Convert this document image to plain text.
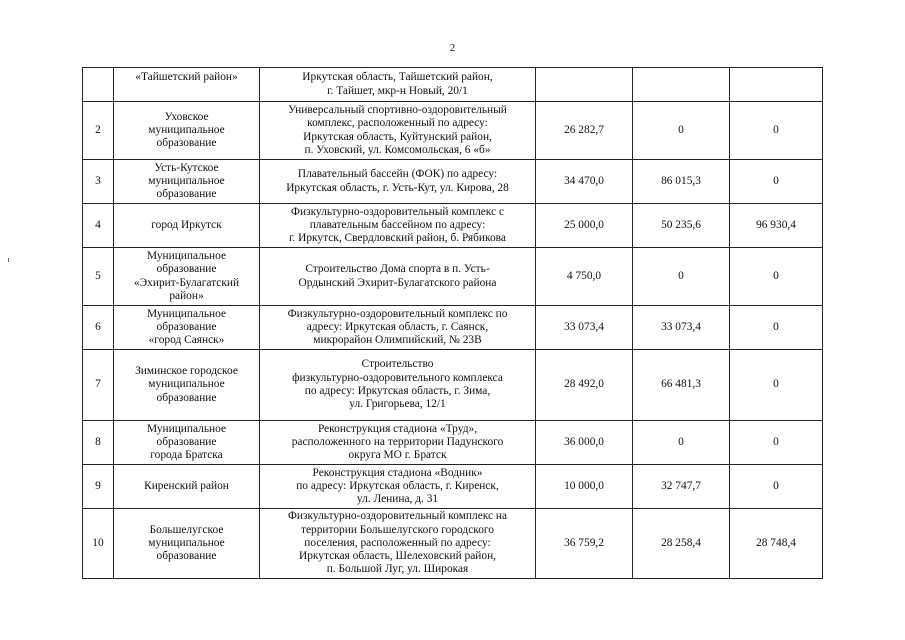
2

	«Тайшетский район»	Иркутская область, Тайшетский район,
г. Тайшет, мкр-н Новый, 20/1			

2	Уховское
муниципальное
образование	Универсальный спортивно-оздоровительный
комплекс, расположенный по адресу:
Иркутская область, Куйтунский район,
п. Уховский, ул. Комсомольская, 6 «б»	26 282,7	0	0
3	Усть-Кутское
муниципальное
образование	Плавательный бассейн (ФОК) по адресу:
Иркутская область, г. Усть-Кут, ул. Кирова, 28	34 470,0	86 015,3	0
4	город Иркутск	Физкультурно-оздоровительный комплекс с
плавательным бассейном по адресу:
г. Иркутск, Свердловский район, б. Рябикова	25 000,0	50 235,6	96 930,4
5	Муниципальное
образование
«Эхирит-Булагатский
район»	Строительство Дома спорта в п. Усть-
Ордынский Эхирит-Булагатского района	4 750,0	0	0
6	Муниципальное
образование
«город Саянск»	Физкультурно-оздоровительный комплекс по
адресу: Иркутская область, г. Саянск,
микрорайон Олимпийский, № 23В	33 073,4	33 073,4	0
7	Зиминское городское
муниципальное
образование	Строительство
физкультурно-оздоровительного комплекса
по адресу: Иркутская область, г. Зима,
ул. Григорьева, 12/1	28 492,0	66 481,3	0
8	Муниципальное
образование
города Братска	Реконструкция стадиона «Труд»,
расположенного на территории Падунского
округа МО г. Братск	36 000,0	0	0
9	Киренский район	Реконструкция стадиона «Водник»
по адресу: Иркутская область, г. Киренск,
ул. Ленина, д. 31	10 000,0	32 747,7	0
10	Большелугское
муниципальное
образование	Физкультурно-оздоровительный комплекс на
территории Большелугского городского
поселения, расположенный по адресу:
Иркутская область, Шелеховский район,
п. Большой Луг, ул. Широкая	36 759,2	28 258,4	28 748,4
